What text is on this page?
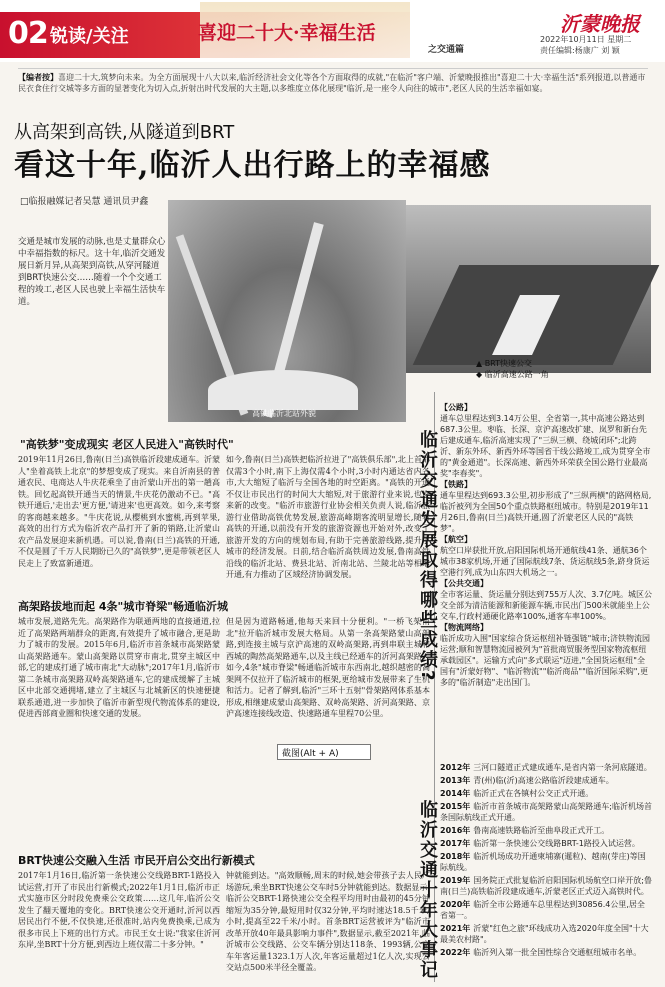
02 锐读/关注	喜迎二十大·幸福生活
之交通篇
沂蒙晚报
2022年10月11日 星期二
责任编辑:杨康广 刘 颖
【编者按】喜迎二十大,筑梦向未来。为全方面展现十八大以来,临沂经济社会文化等各个方面取得的成就,"在临沂"客户端、沂蒙晚报推出"喜迎二十大·幸福生活"系列报道,以普通市民衣食住行交城等多方面的显著变化为切入点,折射出时代发展的大主题,以多维度立体化展现"临沂,是一座令人向往的城市",老区人民的生活幸福如宴。
从高架到高铁,从隧道到BRT
看这十年,临沂人出行路上的幸福感
□临报融媒记者吴慧 通讯员尹鑫
交通是城市发展的动脉,也是丈量群众心中幸福指数的标尺。这十年,临沂交通发展日新月异,从高架到高铁,从穿河隧道到BRT快速公交……随着一个个交通工程的竣工,老区人民也驶上幸福生活快车道。
高铁临沂北站外貌
▲ BRT快速公交
◆ 临沂高速公路一角
"高铁梦"变成现实 老区人民进入"高铁时代"
2019年11月26日,鲁南(日兰)高铁临沂段建成通车。沂蒙人"坐着高铁上北京"的梦想变成了现实。来自沂南县的普通农民、电商达人牛庆花乘坐了由沂蒙山开出的第一趟高铁。回忆起高铁开通当天的情景,牛庆花仍激动不已。"高铁开通后,'走出去'更方便,'请进来'也更高效。如今,来考察的客商越来越多。"牛庆花说,从樱桃到水蜜桃,再到苹果,高效的出行方式为临沂农产品打开了新的销路,让沂蒙山农产品发展迎来新机遇。可以说,鲁南(日兰)高铁的开通,不仅是圆了千万人民期盼已久的"高铁梦",更是带领老区人民走上了致富新通道。
如今,鲁南(日兰)高铁把临沂拉进了"高铁俱乐部",北上首都仅需3个小时,南下上海仅需4个小时,3小时内通达省内各市,大大缩短了临沂与全国各地的时空距离。"高铁的开通不仅让市民出行的时间大大缩短,对于旅游行业来说,也迎来新的改变。"临沂市旅游行业协会相关负责人说,临沂旅游行业借助高铁优势发展,旅游高峰期客流明显增长,随着高铁的开通,以前没有开发的旅游资源也开始对外,改变了旅游开发的方向的规划布局,有助于完善旅游线路,提升了城市的经济发展。日前,结合临沂高铁周边发展,鲁南高铁沿线的临沂北站、费县北站、沂南北站、兰陵北站等相继开通,有力推动了区域经济协调发展。
高架路拔地而起 4条"城市脊梁"畅通临沂城
城市发展,道路先先。高架路作为联通两地的直接通道,拉近了高架路两端群众的距离,有效提升了城市融合,更是助力了城市的发展。2015年6月,临沂市首条城市高架路蒙山高架路通车。蒙山高架路以贯穿市南北,贯穿主城区中部,它的建成打通了城市南北"大动脉";2017年1月,临沂市第二条城市高架路双岭高架路通车,它的建成缓解了主城区中北部交通拥堵,建立了主城区与北城新区的快速便捷联系通道,进一步加快了临沂市新型现代物流体系的建设,促进西部商业圈和快速交通的发展。
但是因为道路畅通,他每天来回十分便利。"一桥飞架南北"拉开临沂城市发展大格局。从第一条高架路蒙山高架路,到连接主城与京沪高速的双岭高架路,再到串联主城和西城的陶然高架路通车,以及主线已经通车的沂河高架路。如今,4条"城市脊梁"畅通临沂城市东西南北,越织越密的高架网不仅拉开了临沂城市的框架,更给城市发展带来了生机和活力。记者了解到,临沂"三环十五射"骨架路网体系基本形成,相继建成蒙山高架路、双岭高架路、沂河高架路、京沪高速连接线改造、快速路通车里程70公里。
BRT快速公交融入生活 市民开启公交出行新模式
2017年1月16日,临沂第一条快速公交线路BRT-1路投入试运营,打开了市民出行新模式;2022年1月1日,临沂市正式实施市区分时段免费乘公交政策……这几年,临沂公交发生了翻天覆地的变化。BRT快速公交开通时,沂河以西居民出行不便,不仅快速,还很准时,站内免费换乘,已成为很多市民上下班的出行方式。市民王女士说:"我家住沂河东岸,坐BRT十分方便,到西边上班仅需二十多分钟。"
钟就能到达。"高效顺畅,周末的时候,她会带孩子去人民广场游玩,乘坐BRT快速公交车时5分钟就能到达。数据显示,临沂公交BRT-1路快速公交全程平均用时由最初的45分钟缩短为35分钟,最短用时仅32分钟,平均时速达18.5千米/小时,提高至22千米/小时。首条BRT运营被评为"临沂市改革开放40年最具影响力事件",数据显示,截至2021年,临沂城市公交线路、公交车辆分别达118条、1993辆,公交车年客运量1323.1万人次,年客运量超过1亿人次,实现公交站点500米半径全覆盖。
截图(Alt + A)
临沂交通发展取得哪些成绩?
【公路】
通车总里程达到3.14万公里、全省第一,其中高速公路达到687.3公里。枣临、长深、京沪高速改扩建、岚罗和新台先后建成通车,临沂高速实现了"三纵三横、绕城闭环";北跨沂、新东外环、新西外环等国省干线公路竣工,成为贯穿全市的"黄金通道"。长深高速、新西外环荣获全国公路行业最高奖"李春奖"。
【铁路】
通车里程达到693.3公里,初步形成了"三纵两横"的路网格局,临沂被列为全国50个重点铁路枢纽城市。特别是2019年11月26日,鲁南(日兰)高铁开通,圆了沂蒙老区人民的"高铁梦"。
【航空】
航空口岸获批开放,启阳国际机场开通航线41条、通航36个城市38家机场,开通了国际航线7条、货运航线5条,跻身货运空港行列,成为山东四大机场之一。
【公共交通】
全市客运量、货运量分别达到755万人次、3.7亿吨。城区公交全部为清洁能源和新能源车辆,市民出门500米就能坐上公交车,行政村通硬化路率100%,通客车率100%。
【物流网络】
临沂成功入围"国家综合货运枢纽补链强链"城市;济铁物流园运营;顺和智慧物流园被列为"首批商贸服务型国家物流枢纽承载园区"。运输方式向"多式联运"迈进,"全国货运枢纽"全国有"沂蒙好物"、"临沂物流""临沂商品""临沂国际采购",更多的"临沂制造"走出国门。
临沂交通十年大事记
2012年 三河口隧道正式建成通车,是省内第一条河底隧道。
2013年 青(州)临(沂)高速公路临沂段建成通车。
2014年 临沂正式在各镇村公交正式开通。
2015年 临沂市首条城市高架路蒙山高架路通车;临沂机场首条国际航线正式开通。
2016年 鲁南高速铁路临沂至曲阜段正式开工。
2017年 临沂第一条快速公交线路BRT-1路投入试运营。
2018年 临沂机场成功开通柬埔寨(暹粒)、越南(芽庄)等国际航线。
2019年 国务院正式批复临沂启阳国际机场航空口岸开放;鲁南(日兰)高铁临沂段建成通车,沂蒙老区正式迈入高铁时代。
2020年 临沂全市公路通车总里程达到30856.4公里,居全省第一。
2021年 沂蒙"红色之旅"环线成功入选2020年度全国"十大最美农村路"。
2022年 临沂列入第一批全国性综合交通枢纽城市名单。
